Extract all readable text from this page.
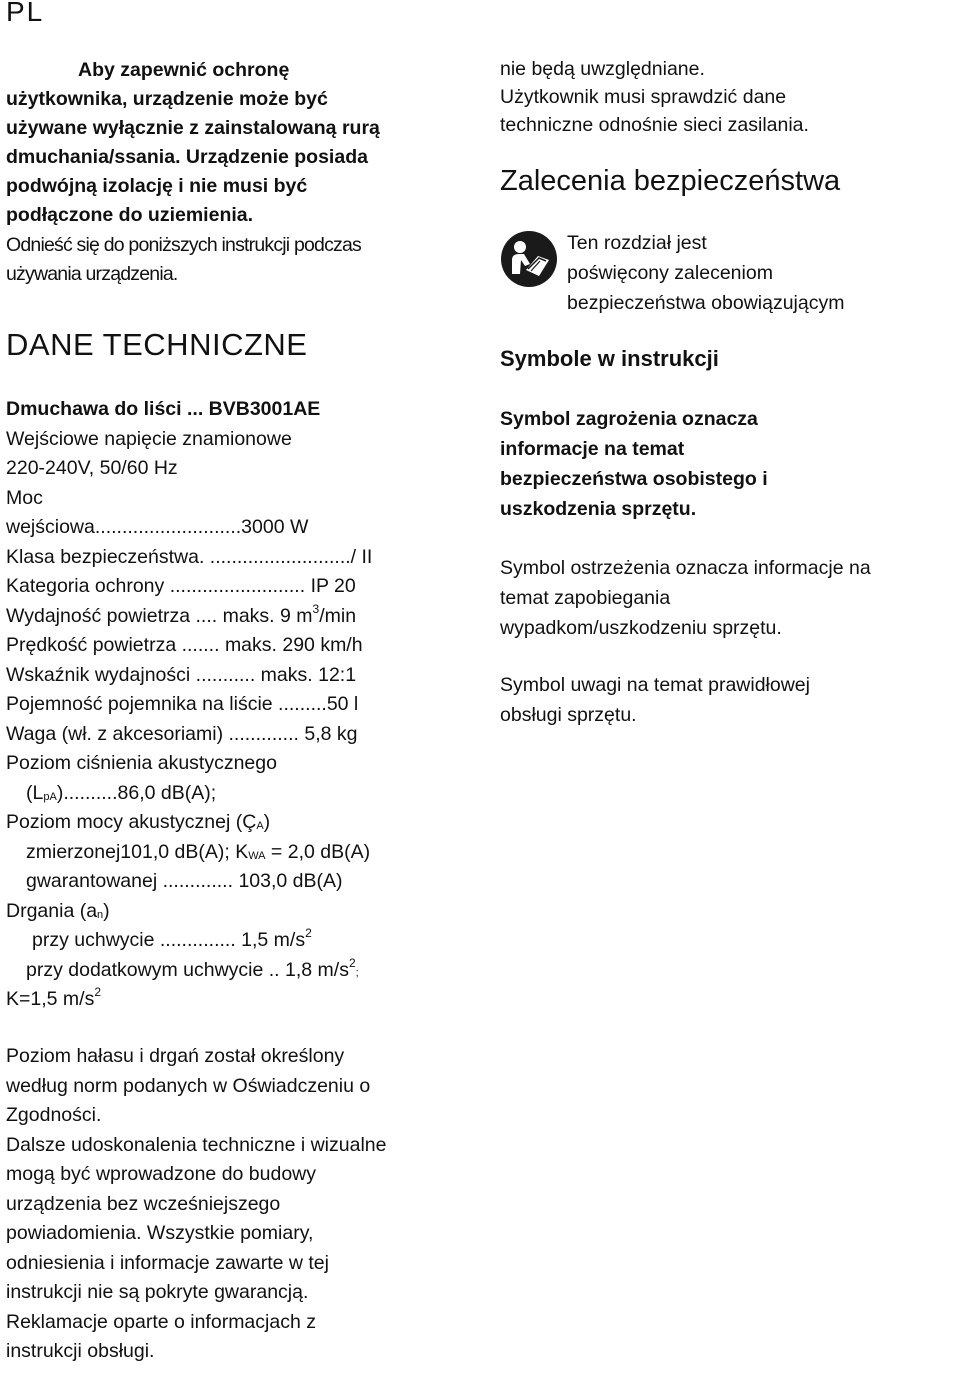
PL
Aby zapewnić ochronę
użytkownika, urządzenie może być
używane wyłącznie z zainstalowaną rurą
dmuchania/ssania. Urządzenie posiada
podwójną izolację i nie musi być
podłączone do uziemienia.
Odnieść się do poniższych instrukcji podczas
używania urządzenia.
DANE TECHNICZNE
Dmuchawa do liści ... BVB3001AE
Wejściowe napięcie znamionowe
220-240V, 50/60 Hz
Moc
wejściowa...........................3000 W
Klasa bezpieczeństwa. ........................../ II
Kategoria ochrony ......................... IP 20
Wydajność powietrza .... maks. 9 $m^3/\min$
Prędkość powietrza ....... maks. 290 km/h
Wskaźnik wydajności ........... maks. 12:1
Pojemność pojemnika na liście .........50 l
Waga (wł. z akcesoriami) ............. 5,8 kg
Poziom ciśnienia akustycznego
$(L_{pA})..........86,0$ dB(A);
Poziom mocy akustycznej $(Ç_A)$
zmierzonej101,0 dB(A); $K_{WA} = 2,0$ dB(A)
gwarantowanej ............. 103,0 dB(A)
Drgania $(a_n)$
przy uchwycie .............. 1,5 $m/s^2$
przy dodatkowym uchwycie .. 1,8 $m/s^2$;
K=1,5 $m/s^2$
Poziom hałasu i drgań został określony
według norm podanych w Oświadczeniu o
Zgodności.
Dalsze udoskonalenia techniczne i wizualne
mogą być wprowadzone do budowy
urządzenia bez wcześniejszego
powiadomienia. Wszystkie pomiary,
odniesienia i informacje zawarte w tej
instrukcji nie są pokryte gwarancją.
Reklamacje oparte o informacjach z
instrukcji obsługi.
nie będą uwzględniane.
Użytkownik musi sprawdzić dane
techniczne odnośnie sieci zasilania.
Zalecenia bezpieczeństwa
Ten rozdział jest
poświęcony zaleceniom
bezpieczeństwa obowiązującym
Symbole w instrukcji
Symbol zagrożenia oznacza
informacje na temat
bezpieczeństwa osobistego i
uszkodzenia sprzętu.
Symbol ostrzeżenia oznacza informacje na
temat zapobiegania
wypadkom/uszkodzeniu sprzętu.
Symbol uwagi na temat prawidłowej
obsługi sprzętu.
